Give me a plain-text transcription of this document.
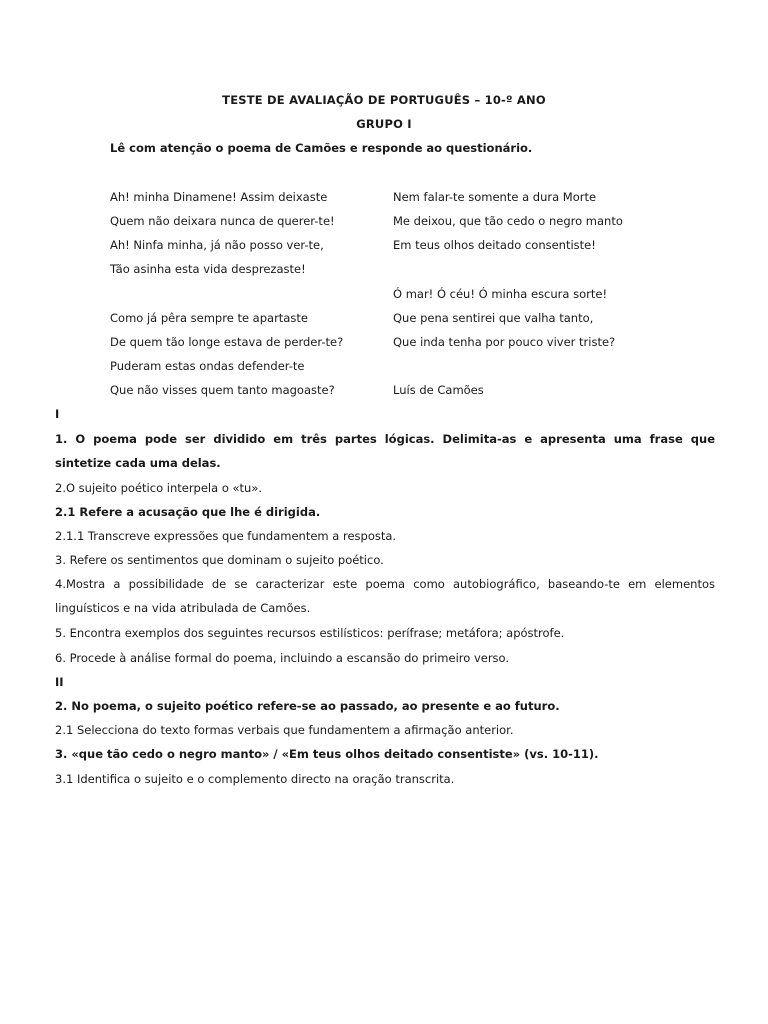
TESTE DE AVALIAÇÃO DE PORTUGUÊS – 10-º ANO
GRUPO I
Lê com atenção o poema de Camões e responde ao questionário.
Ah! minha Dinamene! Assim deixaste
Quem não deixara nunca de querer-te!
Ah! Ninfa minha, já não posso ver-te,
Tão asinha esta vida desprezaste!
Como já pêra sempre te apartaste
De quem tão longe estava de perder-te?
Puderam estas ondas defender-te
Que não visses quem tanto magoaste?
Nem falar-te somente a dura Morte
Me deixou, que tão cedo o negro manto
Em teus olhos deitado consentiste!
Ó mar! Ó céu! Ó minha escura sorte!
Que pena sentirei que valha tanto,
Que inda tenha por pouco viver triste?
Luís de Camões
I
1. O poema pode ser dividido em três partes lógicas. Delimita-as e apresenta uma frase que sintetize cada uma delas.
2.O sujeito poético interpela o «tu».
2.1 Refere a acusação que lhe é dirigida.
2.1.1 Transcreve expressões que fundamentem a resposta.
3. Refere os sentimentos que dominam o sujeito poético.
4.Mostra a possibilidade de se caracterizar este poema como autobiográfico, baseando-te em elementos linguísticos e na vida atribulada de Camões.
5. Encontra exemplos dos seguintes recursos estilísticos: perífrase; metáfora; apóstrofe.
6. Procede à análise formal do poema, incluindo a escansão do primeiro verso.
II
2. No poema, o sujeito poético refere-se ao passado, ao presente e ao futuro.
2.1 Selecciona do texto formas verbais que fundamentem a afirmação anterior.
3. «que tão cedo o negro manto» / «Em teus olhos deitado consentiste» (vs. 10-11).
3.1 Identifica o sujeito e o complemento directo na oração transcrita.
